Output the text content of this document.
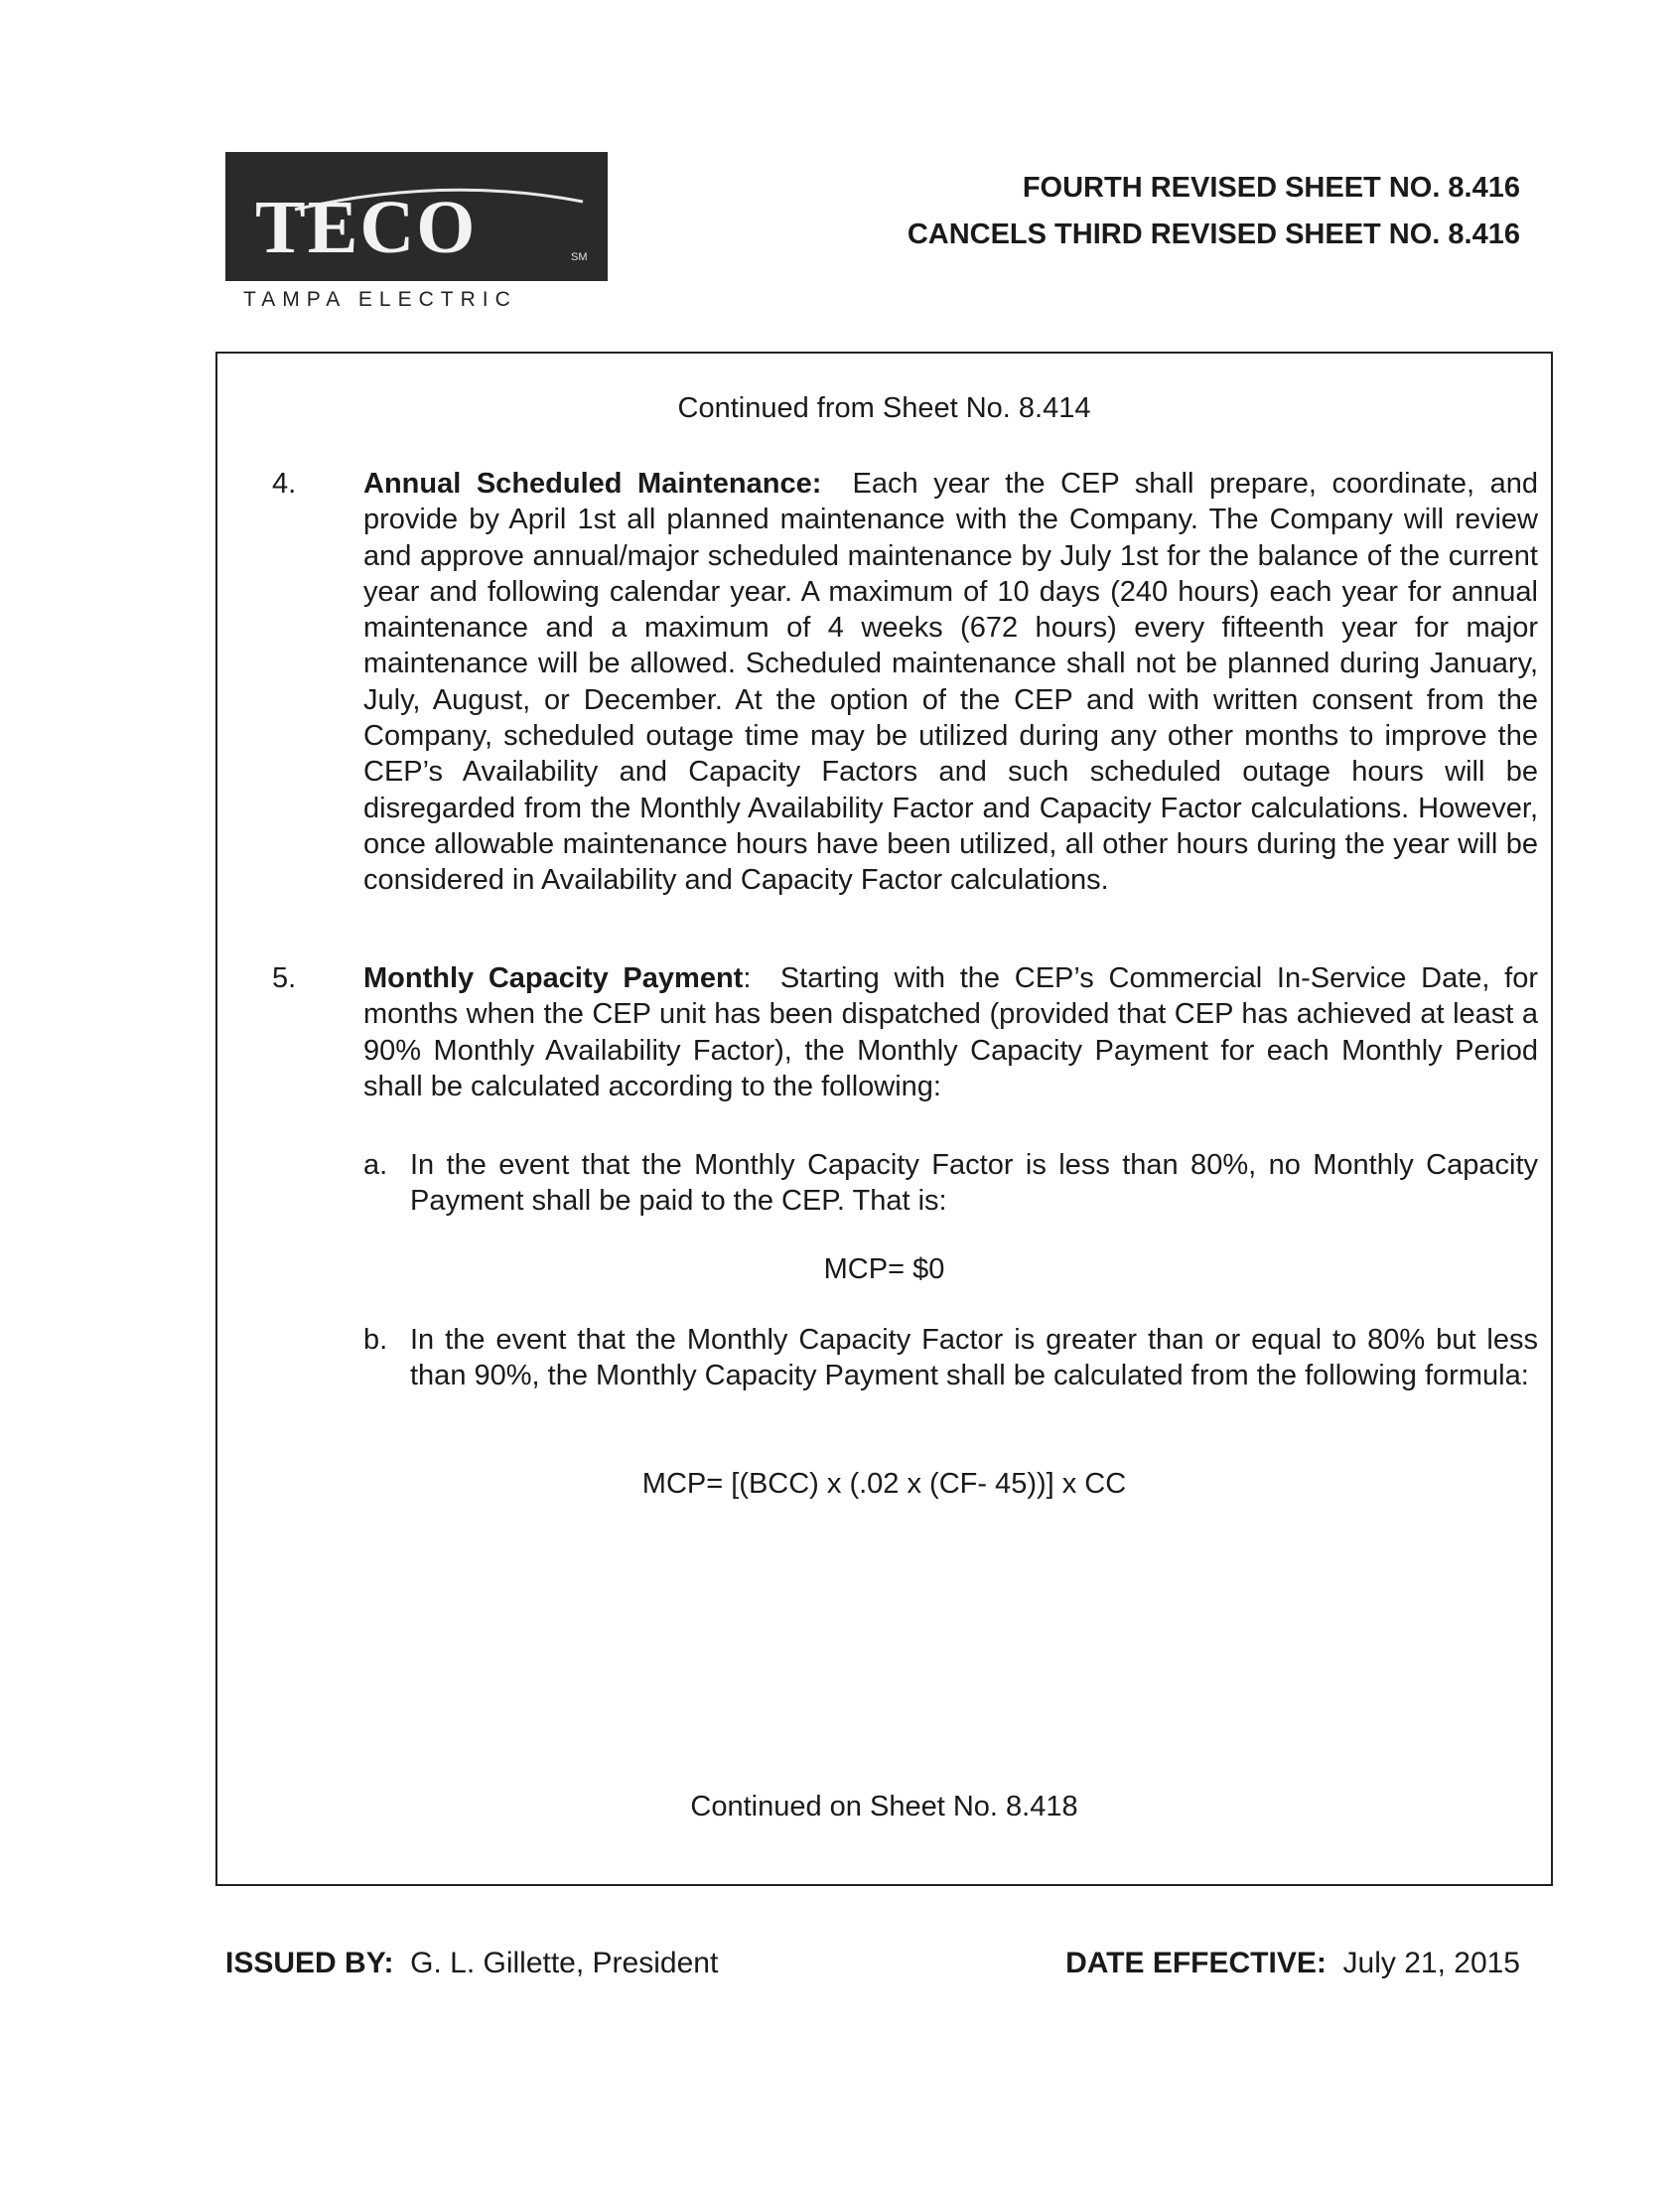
TECO	SM
TAMPA ELECTRIC
FOURTH REVISED SHEET NO. 8.416
CANCELS THIRD REVISED SHEET NO. 8.416
Continued from Sheet No. 8.414
4. Annual Scheduled Maintenance: Each year the CEP shall prepare, coordinate, and provide by April 1st all planned maintenance with the Company. The Company will review and approve annual/major scheduled maintenance by July 1st for the balance of the current year and following calendar year. A maximum of 10 days (240 hours) each year for annual maintenance and a maximum of 4 weeks (672 hours) every fifteenth year for major maintenance will be allowed. Scheduled maintenance shall not be planned during January, July, August, or December. At the option of the CEP and with written consent from the Company, scheduled outage time may be utilized during any other months to improve the CEP’s Availability and Capacity Factors and such scheduled outage hours will be disregarded from the Monthly Availability Factor and Capacity Factor calculations. However, once allowable maintenance hours have been utilized, all other hours during the year will be considered in Availability and Capacity Factor calculations.
5. Monthly Capacity Payment: Starting with the CEP’s Commercial In-Service Date, for months when the CEP unit has been dispatched (provided that CEP has achieved at least a 90% Monthly Availability Factor), the Monthly Capacity Payment for each Monthly Period shall be calculated according to the following:
a. In the event that the Monthly Capacity Factor is less than 80%, no Monthly Capacity Payment shall be paid to the CEP. That is:
MCP= $0
b. In the event that the Monthly Capacity Factor is greater than or equal to 80% but less than 90%, the Monthly Capacity Payment shall be calculated from the following formula:
MCP= [(BCC) x (.02 x (CF- 45))] x CC
Continued on Sheet No. 8.418
ISSUED BY: G. L. Gillette, President	DATE EFFECTIVE: July 21, 2015
